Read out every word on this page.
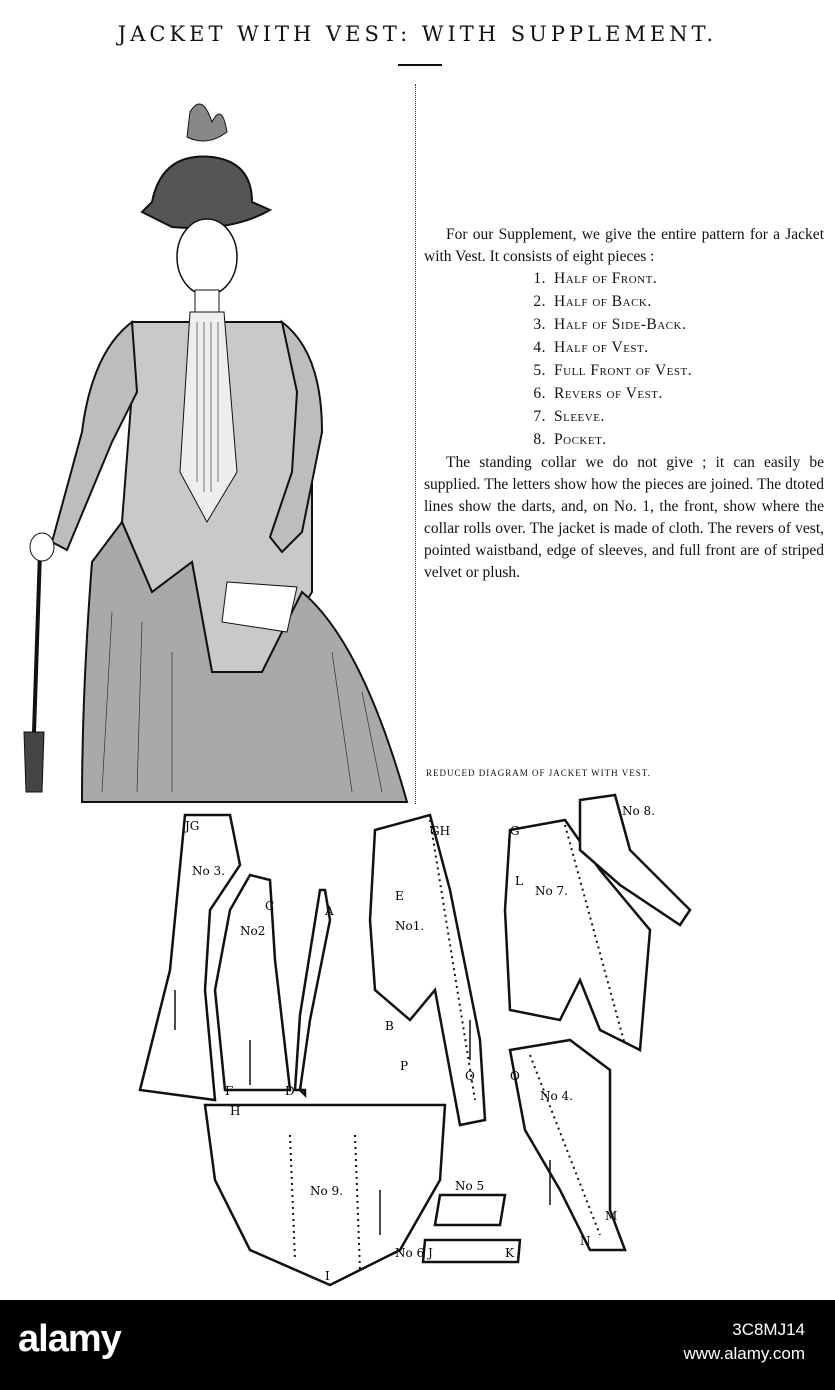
JACKET WITH VEST: WITH SUPPLEMENT.

For our Supplement, we give the entire pattern for a Jacket with Vest. It consists of eight pieces :

1. Half of Front.
2. Half of Back.
3. Half of Side-Back.
4. Half of Vest.
5. Full Front of Vest.
6. Revers of Vest.
7. Sleeve.
8. Pocket.

The standing collar we do not give ; it can easily be supplied. The letters show how the pieces are joined. The dtoted lines show the darts, and, on No. 1, the front, show where the collar rolls over. The jacket is made of cloth. The revers of vest, pointed waistband, edge of sleeves, and full front are of striped velvet or plush.

REDUCED DIAGRAM OF JACKET WITH VEST.
No 3.
No2	No1.
No 7.
No 8.
No 4.
No 9.	No 5
No 6
JG	GH
A
B
C
D
E
F
G
H
I
J	K
L
M
N
O
P
Q
alamy	3C8MJ14
www.alamy.com
